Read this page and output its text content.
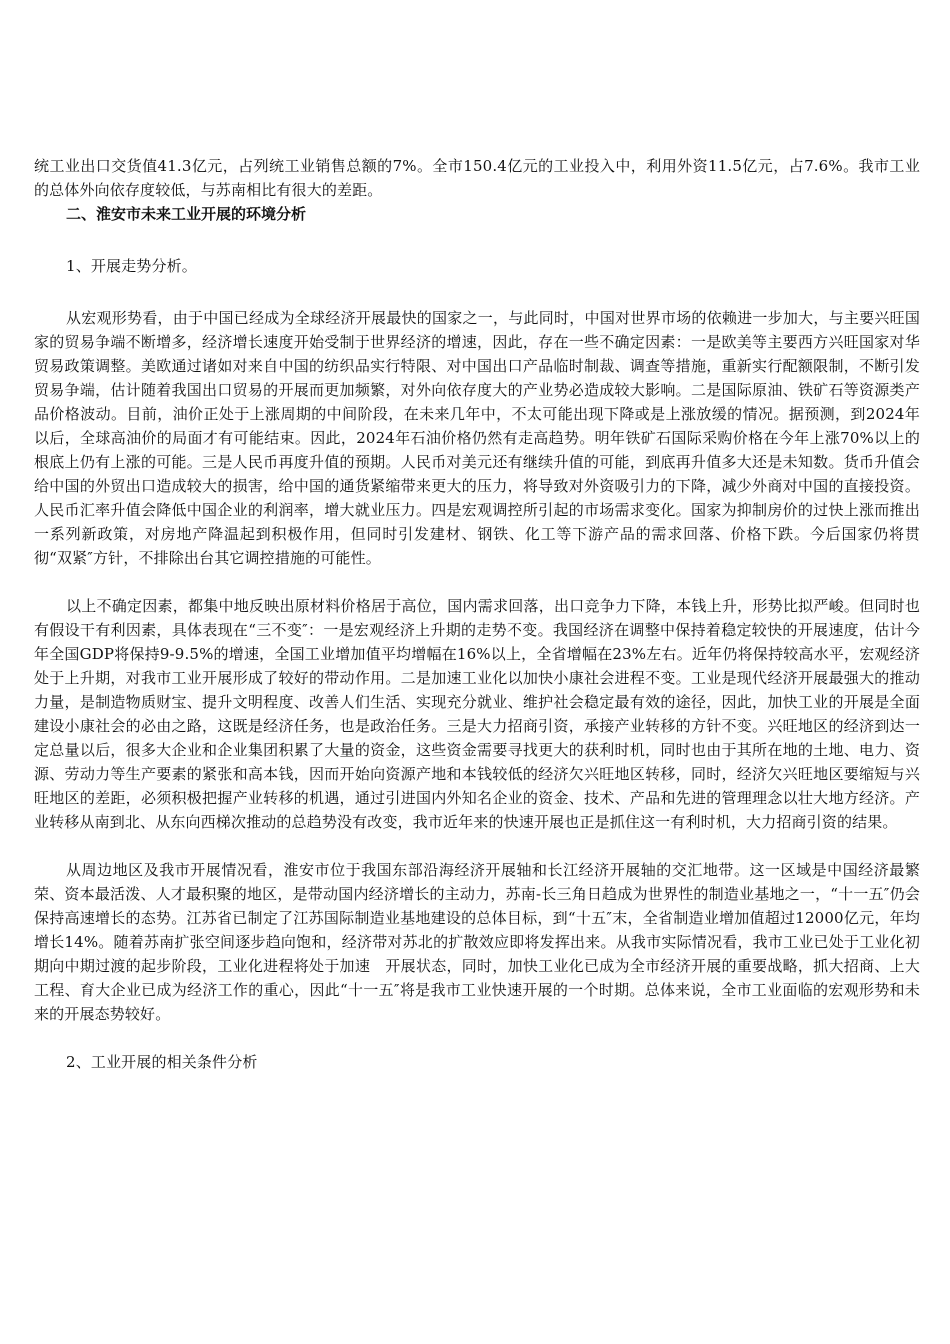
统工业出口交货值41.3亿元，占列统工业销售总额的7%。全市150.4亿元的工业投入中，利用外资11.5亿元，占7.6%。我市工业的总体外向依存度较低，与苏南相比有很大的差距。

二、淮安市未来工业开展的环境分析

1、开展走势分析。

从宏观形势看，由于中国已经成为全球经济开展最快的国家之一，与此同时，中国对世界市场的依赖进一步加大，与主要兴旺国家的贸易争端不断增多，经济增长速度开始受制于世界经济的增速，因此，存在一些不确定因素：一是欧美等主要西方兴旺国家对华贸易政策调整。美欧通过诸如对来自中国的纺织品实行特限、对中国出口产品临时制裁、调查等措施，重新实行配额限制，不断引发贸易争端，估计随着我国出口贸易的开展而更加频繁，对外向依存度大的产业势必造成较大影响。二是国际原油、铁矿石等资源类产品价格波动。目前，油价正处于上涨周期的中间阶段，在未来几年中，不太可能出现下降或是上涨放缓的情况。据预测，到2024年以后，全球高油价的局面才有可能结束。因此，2024年石油价格仍然有走高趋势。明年铁矿石国际采购价格在今年上涨70%以上的根底上仍有上涨的可能。三是人民币再度升值的预期。人民币对美元还有继续升值的可能，到底再升值多大还是未知数。货币升值会给中国的外贸出口造成较大的损害，给中国的通货紧缩带来更大的压力，将导致对外资吸引力的下降，减少外商对中国的直接投资。人民币汇率升值会降低中国企业的利润率，增大就业压力。四是宏观调控所引起的市场需求变化。国家为抑制房价的过快上涨而推出一系列新政策，对房地产降温起到积极作用，但同时引发建材、钢铁、化工等下游产品的需求回落、价格下跌。今后国家仍将贯彻“双紧″方针，不排除出台其它调控措施的可能性。

以上不确定因素，都集中地反映出原材料价格居于高位，国内需求回落，出口竞争力下降，本钱上升，形势比拟严峻。但同时也有假设干有利因素，具体表现在“三不变″：一是宏观经济上升期的走势不变。我国经济在调整中保持着稳定较快的开展速度，估计今年全国GDP将保持9-9.5%的增速，全国工业增加值平均增幅在16%以上，全省增幅在23%左右。近年仍将保持较高水平，宏观经济处于上升期，对我市工业开展形成了较好的带动作用。二是加速工业化以加快小康社会进程不变。工业是现代经济开展最强大的推动力量，是制造物质财宝、提升文明程度、改善人们生活、实现充分就业、维护社会稳定最有效的途径，因此，加快工业的开展是全面建设小康社会的必由之路，这既是经济任务，也是政治任务。三是大力招商引资，承接产业转移的方针不变。兴旺地区的经济到达一定总量以后，很多大企业和企业集团积累了大量的资金，这些资金需要寻找更大的获利时机，同时也由于其所在地的土地、电力、资源、劳动力等生产要素的紧张和高本钱，因而开始向资源产地和本钱较低的经济欠兴旺地区转移，同时，经济欠兴旺地区要缩短与兴旺地区的差距，必须积极把握产业转移的机遇，通过引进国内外知名企业的资金、技术、产品和先进的管理理念以壮大地方经济。产业转移从南到北、从东向西梯次推动的总趋势没有改变，我市近年来的快速开展也正是抓住这一有利时机，大力招商引资的结果。

从周边地区及我市开展情况看，淮安市位于我国东部沿海经济开展轴和长江经济开展轴的交汇地带。这一区域是中国经济最繁荣、资本最活泼、人才最积聚的地区，是带动国内经济增长的主动力，苏南-长三角日趋成为世界性的制造业基地之一，“十一五″仍会保持高速增长的态势。江苏省已制定了江苏国际制造业基地建设的总体目标，到“十五″末，全省制造业增加值超过12000亿元，年均增长14%。随着苏南扩张空间逐步趋向饱和，经济带对苏北的扩散效应即将发挥出来。从我市实际情况看，我市工业已处于工业化初期向中期过渡的起步阶段，工业化进程将处于加速　开展状态，同时，加快工业化已成为全市经济开展的重要战略，抓大招商、上大工程、育大企业已成为经济工作的重心，因此“十一五″将是我市工业快速开展的一个时期。总体来说，全市工业面临的宏观形势和未来的开展态势较好。

2、工业开展的相关条件分析
